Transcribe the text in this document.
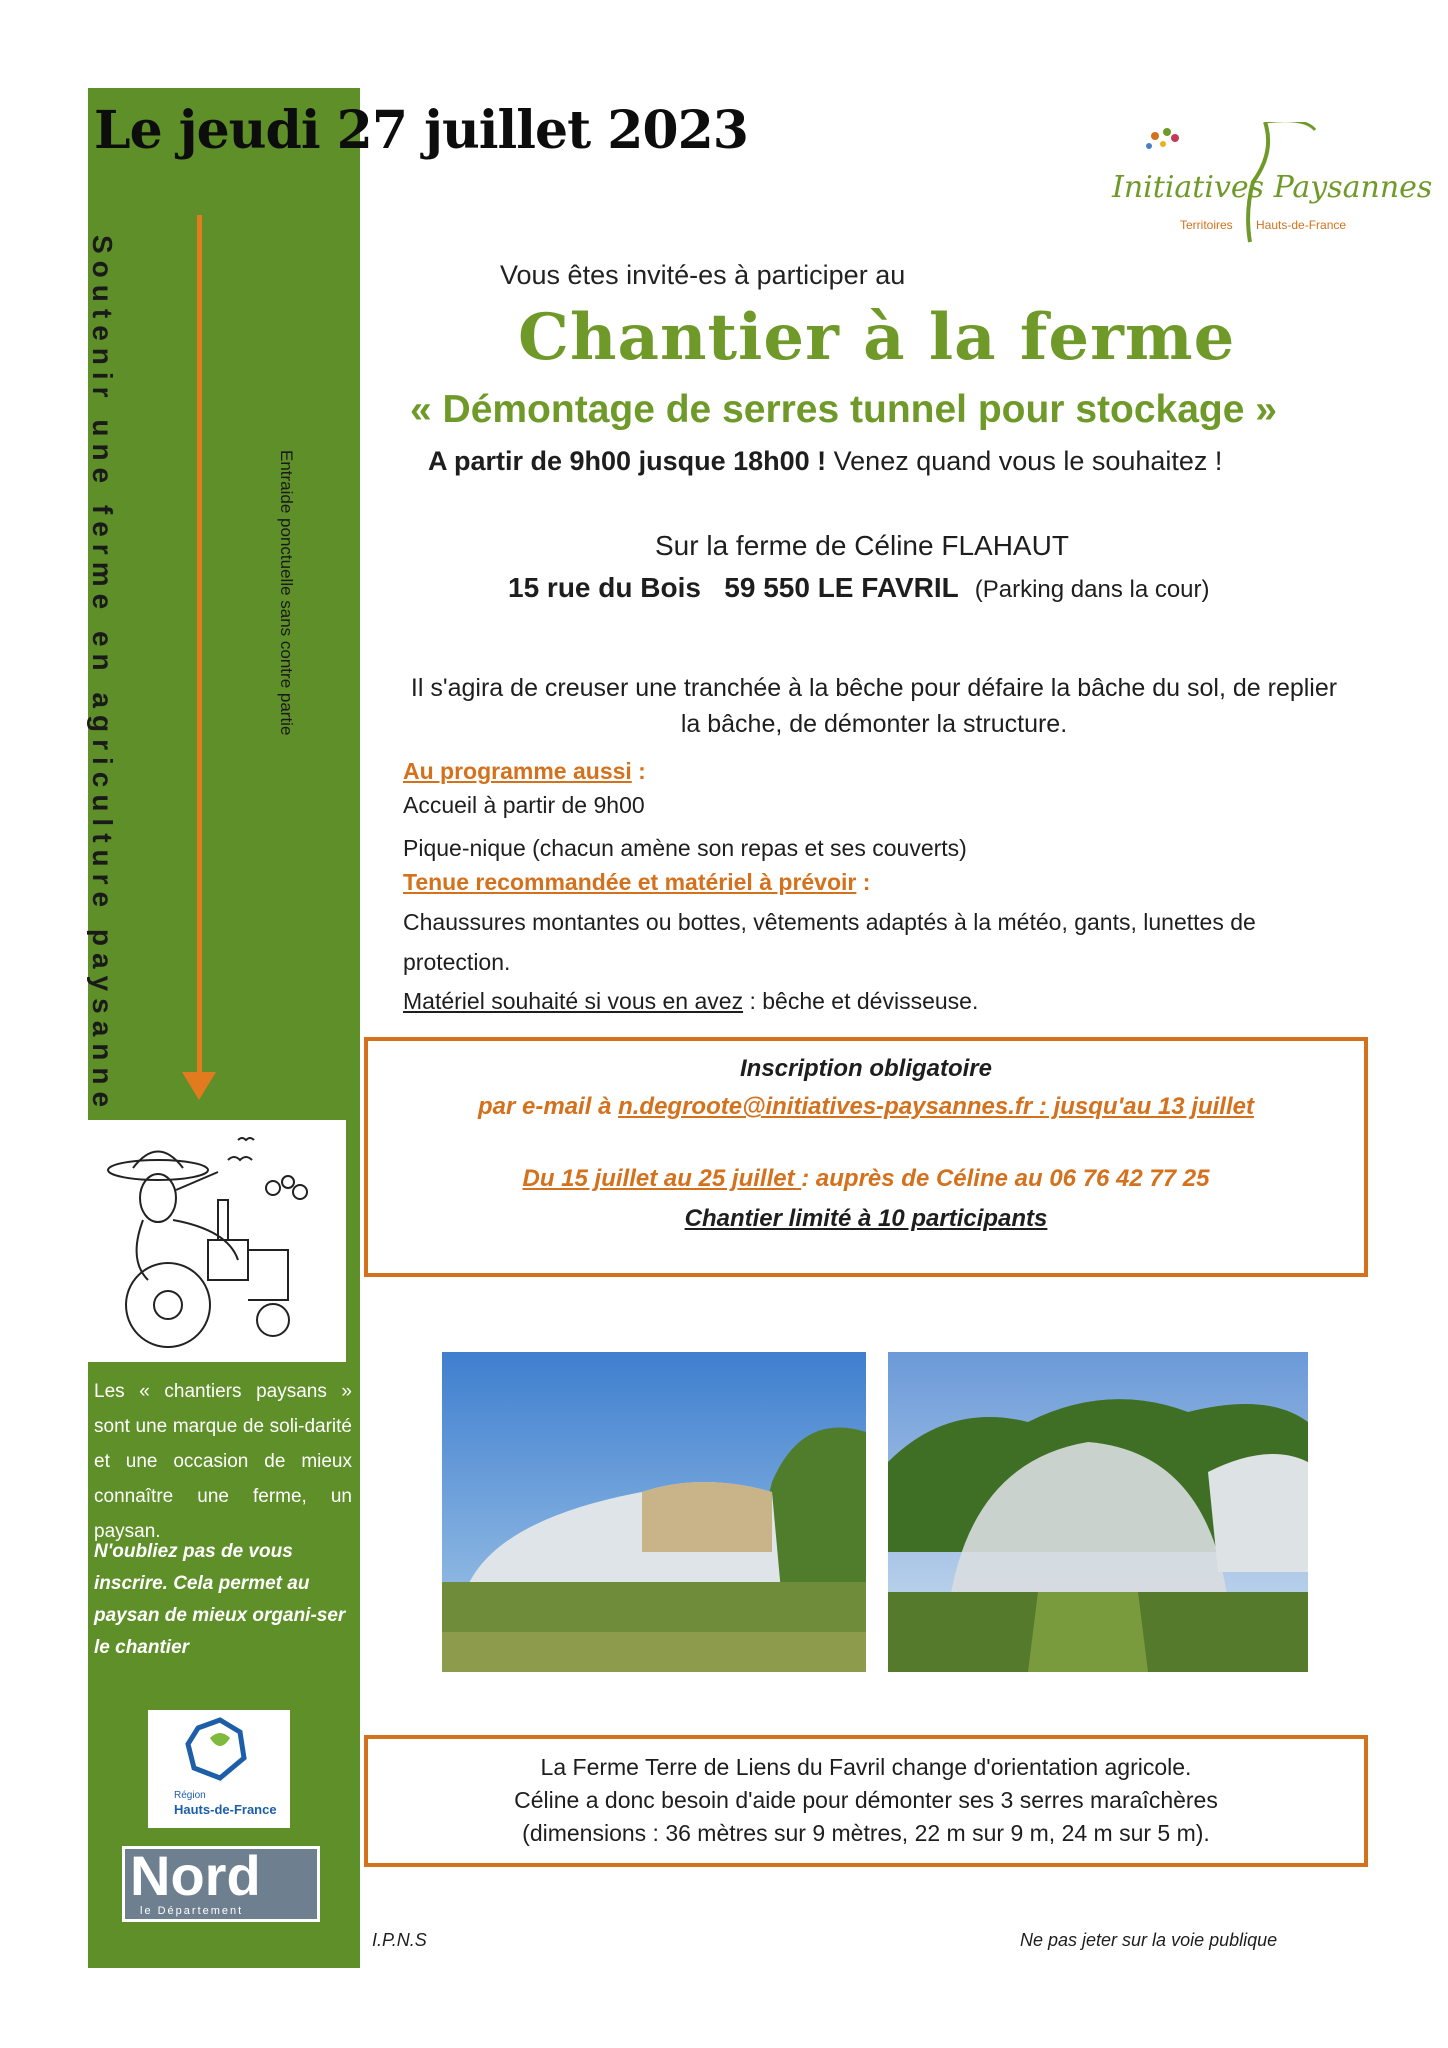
Soutenir une ferme en agriculture paysanne	Entraide ponctuelle sans contre partie
Les « chantiers paysans » sont une marque de soli-darité et une occasion de mieux connaître une ferme, un paysan.
N'oubliez pas de vous inscrire. Cela permet au paysan de mieux organi-ser le chantier
Région
Hauts-de-France
Nord
le Département
Le jeudi 27 juillet 2023
Initiatives Paysannes
Territoires Hauts-de-France
Vous êtes invité-es à participer au
Chantier à la ferme
« Démontage de serres tunnel pour stockage »
A partir de 9h00 jusque 18h00 ! Venez quand vous le souhaitez !
Sur la ferme de Céline FLAHAUT
15 rue du Bois   59 550 LE FAVRIL (Parking dans la cour)
Il s'agira de creuser une tranchée à la bêche pour défaire la bâche du sol, de replier la bâche, de démonter la structure.
Au programme aussi :
Accueil à partir de 9h00
Pique-nique (chacun amène son repas et ses couverts)
Tenue recommandée et matériel à prévoir :
Chaussures montantes ou bottes, vêtements adaptés à la météo, gants, lunettes de protection.
Matériel souhaité si vous en avez : bêche et dévisseuse.
Inscription obligatoire
par e-mail à n.degroote@initiatives-paysannes.fr : jusqu'au 13 juillet
Du 15 juillet au 25 juillet : auprès de Céline au 06 76 42 77 25
Chantier limité à 10 participants
La Ferme Terre de Liens du Favril change d'orientation agricole.
Céline a donc besoin d'aide pour démonter ses 3 serres maraîchères
(dimensions : 36 mètres sur 9 mètres, 22 m sur 9 m, 24 m sur 5 m).
I.P.N.S	Ne pas jeter sur la voie publique
